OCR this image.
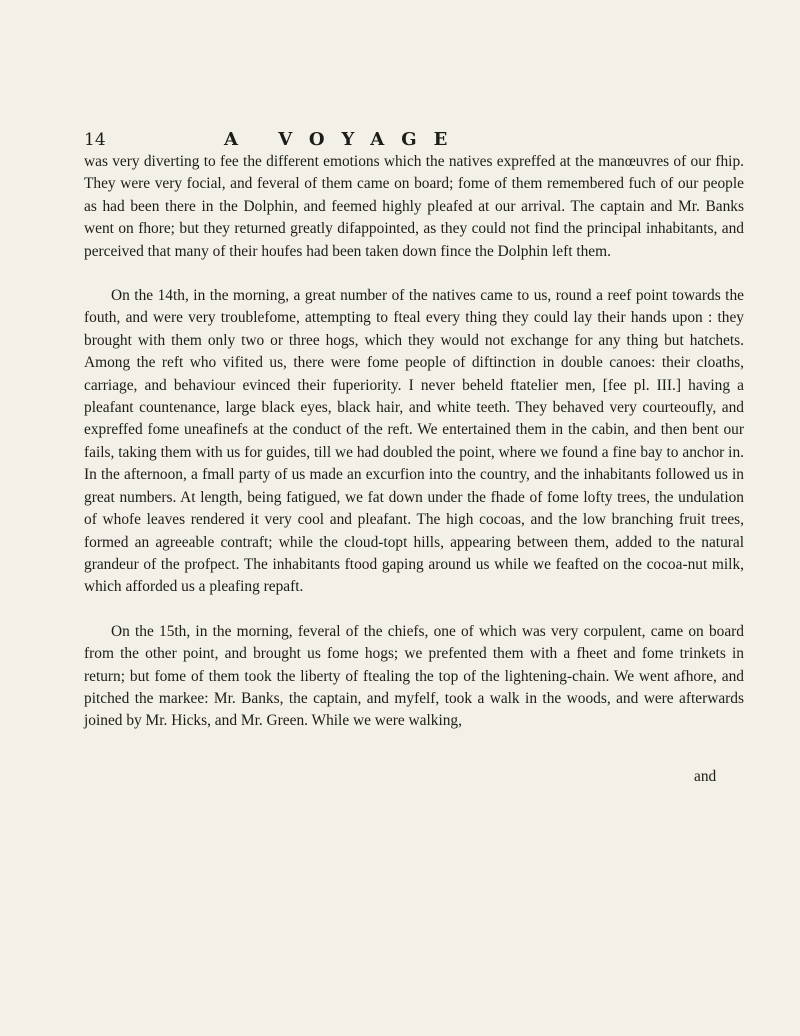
14	A VOYAGE

was very diverting to fee the different emotions which the natives expreffed at the manœuvres of our fhip. They were very focial, and feveral of them came on board; fome of them remembered fuch of our people as had been there in the Dolphin, and feemed highly pleafed at our arrival. The captain and Mr. Banks went on fhore; but they returned greatly difappointed, as they could not find the principal inhabitants, and perceived that many of their houfes had been taken down fince the Dolphin left them.

On the 14th, in the morning, a great number of the natives came to us, round a reef point towards the fouth, and were very troublefome, attempting to fteal every thing they could lay their hands upon : they brought with them only two or three hogs, which they would not exchange for any thing but hatchets. Among the reft who vifited us, there were fome people of diftinction in double canoes: their cloaths, carriage, and behaviour evinced their fuperiority. I never beheld ftatelier men, [fee pl. III.] having a pleafant countenance, large black eyes, black hair, and white teeth. They behaved very courteoufly, and expreffed fome uneafinefs at the conduct of the reft. We entertained them in the cabin, and then bent our fails, taking them with us for guides, till we had doubled the point, where we found a fine bay to anchor in. In the afternoon, a fmall party of us made an excurfion into the country, and the inhabitants followed us in great numbers. At length, being fatigued, we fat down under the fhade of fome lofty trees, the undulation of whofe leaves rendered it very cool and pleafant. The high cocoas, and the low branching fruit trees, formed an agreeable contraft; while the cloud-topt hills, appearing between them, added to the natural grandeur of the profpect. The inhabitants ftood gaping around us while we feafted on the cocoa-nut milk, which afforded us a pleafing repaft.

On the 15th, in the morning, feveral of the chiefs, one of which was very corpulent, came on board from the other point, and brought us fome hogs; we prefented them with a fheet and fome trinkets in return; but fome of them took the liberty of ftealing the top of the lightening-chain. We went afhore, and pitched the markee: Mr. Banks, the captain, and myfelf, took a walk in the woods, and were afterwards joined by Mr. Hicks, and Mr. Green. While we were walking,

and
